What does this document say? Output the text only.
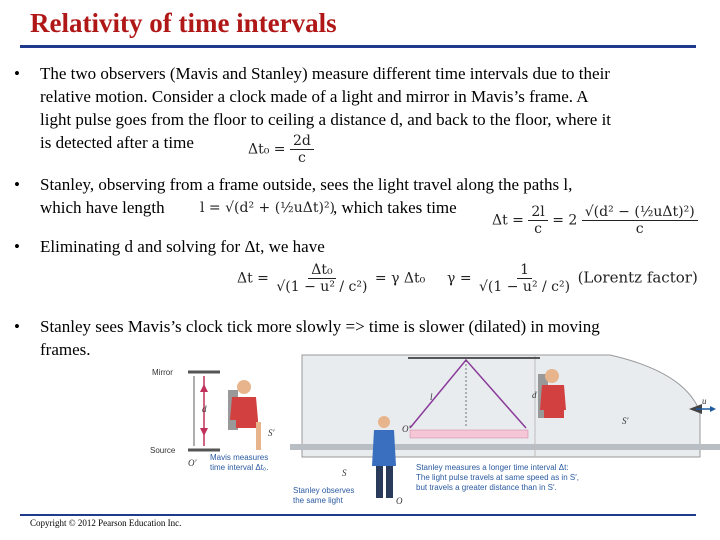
Relativity of time intervals
• The two observers (Mavis and Stanley) measure different time intervals due to their
relative motion. Consider a clock made of a light and mirror in Mavis’s frame. A
light pulse goes from the floor to ceiling a distance d, and back to the floor, where it
is detected after a time	$\Delta t_0 = \frac{2d}{c}$
• Stanley, observing from a frame outside, sees the light travel along the paths l,
which have length	l = √(d² + (½uΔt)²)
, which takes time
$\Delta t = \frac{2l}{c} = 2 \frac{\text{√(d² − (½uΔt)²)}}{c}$
• Eliminating d and solving for Δt, we have
$\Delta t = \frac{\text{Δt₀}}{\text{√(1 − u² / c²)}} = \gamma$ Δt₀ $\gamma = \frac{1}{\text{√(1 − u² / c²)}}$ (Lorentz factor)
• Stanley sees Mavis’s clock tick more slowly => time is slower (dilated) in moving
frames.
Mirror
d
Source
O′
S′
Mavis measures
time interval Δt₀.
u
l	d
O′
S′
S
O
Stanley observes
the same light
Stanley measures a longer time interval Δt:
The light pulse travels at same speed as in S′,
but travels a greater distance than in S′.
Copyright © 2012 Pearson Education Inc.
